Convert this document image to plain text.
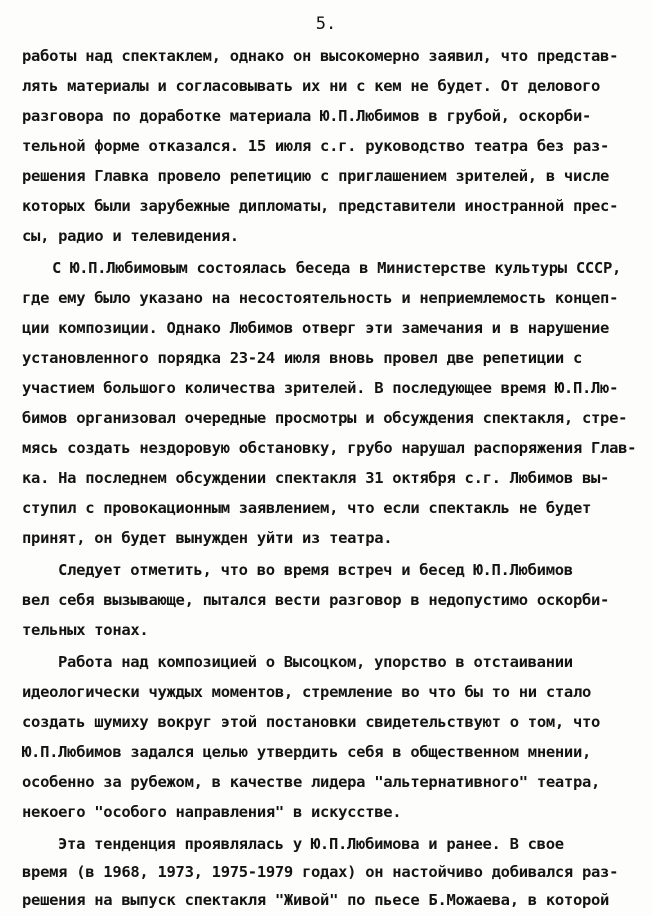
5.
работы над спектаклем, однако он высокомерно заявил, что представ-
лять материалы и согласовывать их ни с кем не будет. От делового
разговора по доработке материала Ю.П.Любимов в грубой, оскорби-
тельной форме отказался. 15 июля с.г. руководство театра без раз-
решения Главка провело репетицию с приглашением зрителей, в числе
которых были зарубежные дипломаты, представители иностранной прес-
сы, радио и телевидения.
С Ю.П.Любимовым состоялась беседа в Министерстве культуры СССР,
где ему было указано на несостоятельность и неприемлемость концеп-
ции композиции. Однако Любимов отверг эти замечания и в нарушение
установленного порядка 23-24 июля вновь провел две репетиции с
участием большого количества зрителей. В последующее время Ю.П.Лю-
бимов организовал очередные просмотры и обсуждения спектакля, стре-
мясь создать нездоровую обстановку, грубо нарушал распоряжения Глав-
ка. На последнем обсуждении спектакля 31 октября с.г. Любимов вы-
ступил с провокационным заявлением, что если спектакль не будет
принят, он будет вынужден уйти из театра.
Следует отметить, что во время встреч и бесед Ю.П.Любимов
вел себя вызывающе, пытался вести разговор в недопустимо оскорби-
тельных тонах.
Работа над композицией о Высоцком, упорство в отстаивании
идеологически чуждых моментов, стремление во что бы то ни стало
создать шумиху вокруг этой постановки свидетельствуют о том, что
Ю.П.Любимов задался целью утвердить себя в общественном мнении,
особенно за рубежом, в качестве лидера "альтернативного" театра,
некоего "особого направления" в искусстве.
Эта тенденция проявлялась у Ю.П.Любимова и ранее. В свое
время (в 1968, 1973, 1975-1979 годах) он настойчиво добивался раз-
решения на выпуск спектакля "Живой" по пьесе Б.Можаева, в которой
